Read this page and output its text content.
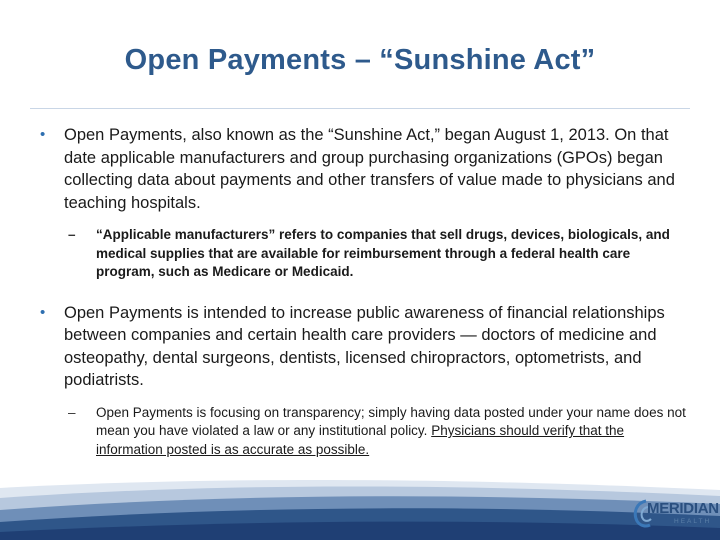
Open Payments – “Sunshine Act”
• Open Payments, also known as the “Sunshine Act,” began August 1, 2013. On that date applicable manufacturers and group purchasing organizations (GPOs) began collecting data about payments and other transfers of value made to physicians and teaching hospitals.
– “Applicable manufacturers” refers to companies that sell drugs, devices, biologicals, and medical supplies that are available for reimbursement through a federal health care program, such as Medicare or Medicaid.
• Open Payments is intended to increase public awareness of financial relationships between companies and certain health care providers — doctors of medicine and osteopathy, dental surgeons, dentists, licensed chiropractors, optometrists, and podiatrists.
– Open Payments is focusing on transparency; simply having data posted under your name does not mean you have violated a law or any institutional policy. Physicians should verify that the information posted is as accurate as possible.
MERIDIAN
HEALTH
